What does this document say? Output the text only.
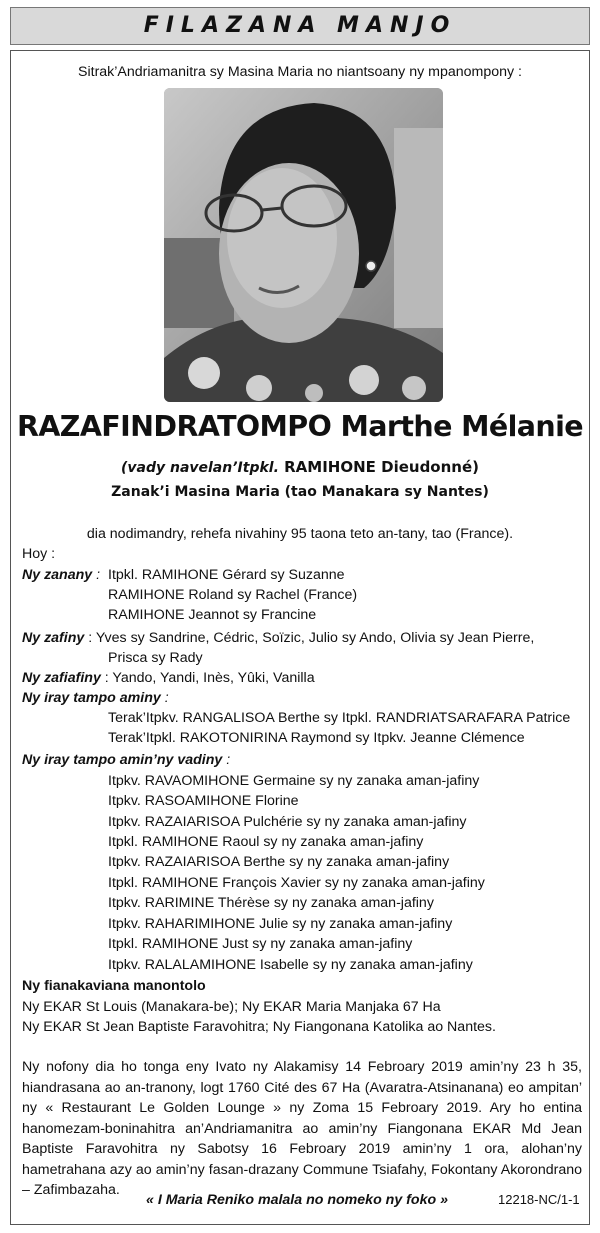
FILAZANA MANJO
Sitrak’Andriamanitra sy Masina Maria no niantsoany ny mpanompony :
RAZAFINDRATOMPO Marthe Mélanie
(vady navelan’Itpkl. RAMIHONE Dieudonné)
Zanak’i Masina Maria (tao Manakara sy Nantes)
dia nodimandry, rehefa nivahiny 95 taona teto an-tany, tao (France).
Hoy :
Ny zanany : Itpkl. RAMIHONE Gérard sy Suzanne
RAMIHONE Roland sy Rachel (France)
RAMIHONE Jeannot sy Francine
Ny zafiny : Yves sy Sandrine, Cédric, Soïzic, Julio sy Ando, Olivia sy Jean Pierre,
Prisca sy Rady
Ny zafiafiny : Yando, Yandi, Inès, Yûki, Vanilla
Ny iray tampo aminy :
Terak’Itpkv. RANGALISOA Berthe sy Itpkl. RANDRIATSARAFARA Patrice
Terak’Itpkl. RAKOTONIRINA Raymond sy Itpkv. Jeanne Clémence
Ny iray tampo amin’ny vadiny :
Itpkv. RAVAOMIHONE Germaine sy ny zanaka aman-jafiny
Itpkv. RASOAMIHONE Florine
Itpkv. RAZAIARISOA Pulchérie sy ny zanaka aman-jafiny
Itpkl. RAMIHONE Raoul sy ny zanaka aman-jafiny
Itpkv. RAZAIARISOA Berthe sy ny zanaka aman-jafiny
Itpkl. RAMIHONE François Xavier sy ny zanaka aman-jafiny
Itpkv. RARIMINE Thérèse sy ny zanaka aman-jafiny
Itpkv. RAHARIMIHONE Julie sy ny zanaka aman-jafiny
Itpkl. RAMIHONE Just sy ny zanaka aman-jafiny
Itpkv. RALALAMIHONE Isabelle sy ny zanaka aman-jafiny
Ny fianakaviana manontolo
Ny EKAR St Louis (Manakara-be); Ny EKAR Maria Manjaka 67 Ha
Ny EKAR St Jean Baptiste Faravohitra; Ny Fiangonana Katolika ao Nantes.
Ny nofony dia ho tonga eny Ivato ny Alakamisy 14 Febroary 2019 amin’ny 23 h 35, hiandrasana ao an-tranony, logt 1760 Cité des 67 Ha (Avaratra-Atsinanana) eo ampitan’ ny « Restaurant Le Golden Lounge » ny Zoma 15 Febroary 2019. Ary ho entina hanomezam-boninahitra an’Andriamanitra ao amin’ny Fiangonana EKAR Md Jean Baptiste Faravohitra ny Sabotsy 16 Febroary 2019 amin’ny 1 ora, alohan’ny hametrahana azy ao amin’ny fasan-drazany Commune Tsiafahy, Fokontany Akorondrano – Zafimbazaha.
« I Maria Reniko malala no nomeko ny foko »	12218-NC/1-1
